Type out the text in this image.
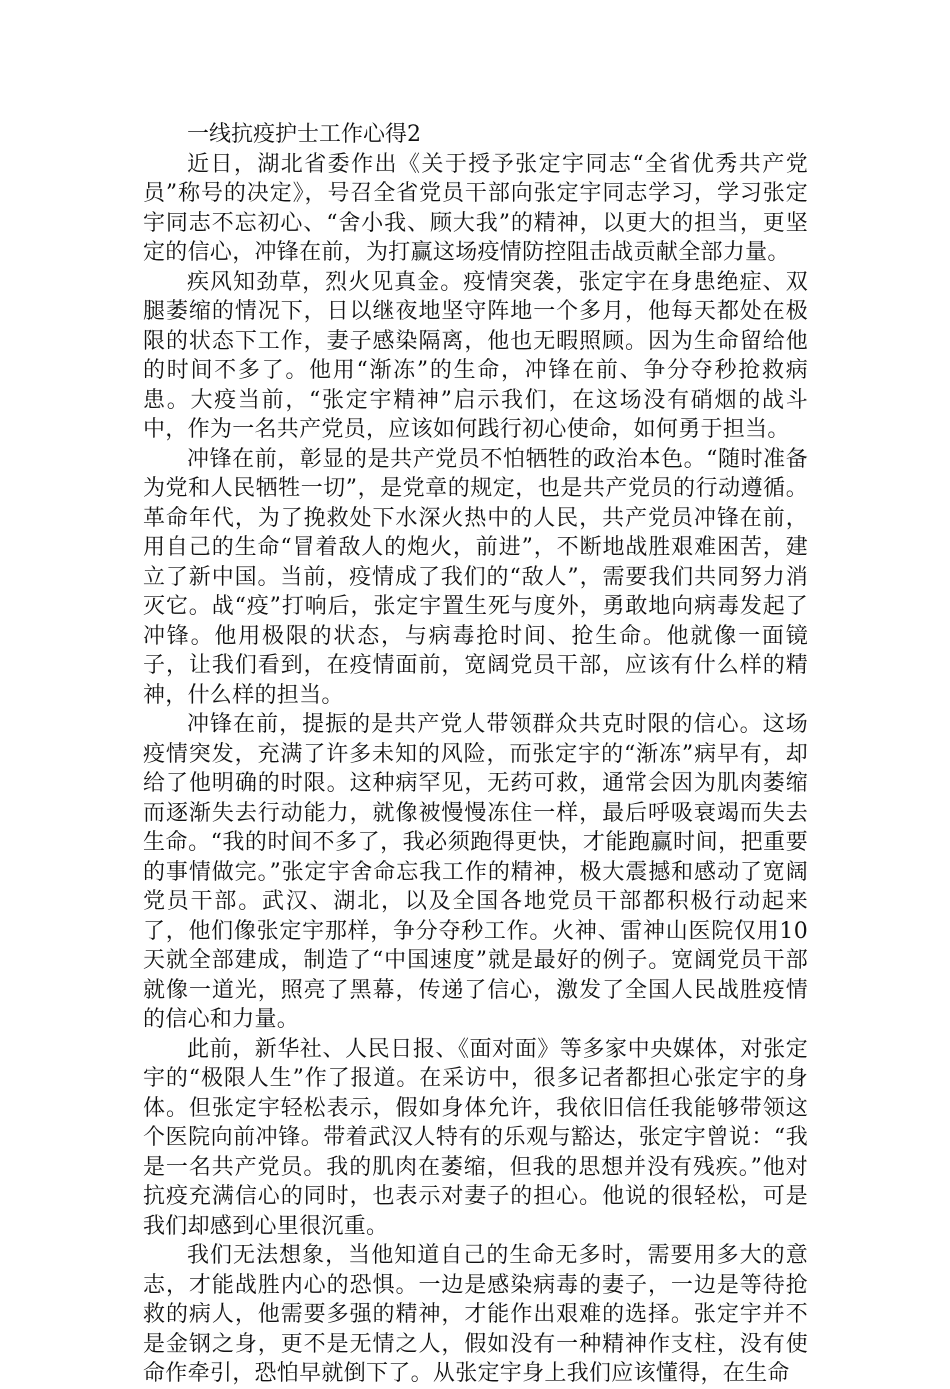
一线抗疫护士工作心得2

近日，湖北省委作出《关于授予张定宇同志“全省优秀共产党员”称号的决定》，号召全省党员干部向张定宇同志学习，学习张定宇同志不忘初心、“舍小我、顾大我”的精神，以更大的担当，更坚定的信心，冲锋在前，为打赢这场疫情防控阻击战贡献全部力量。

疾风知劲草，烈火见真金。疫情突袭，张定宇在身患绝症、双腿萎缩的情况下，日以继夜地坚守阵地一个多月，他每天都处在极限的状态下工作，妻子感染隔离，他也无暇照顾。因为生命留给他的时间不多了。他用“渐冻”的生命，冲锋在前、争分夺秒抢救病患。大疫当前，“张定宇精神”启示我们，在这场没有硝烟的战斗中，作为一名共产党员，应该如何践行初心使命，如何勇于担当。

冲锋在前，彰显的是共产党员不怕牺牲的政治本色。“随时准备为党和人民牺牲一切”，是党章的规定，也是共产党员的行动遵循。革命年代，为了挽救处下水深火热中的人民，共产党员冲锋在前，用自己的生命“冒着敌人的炮火，前进”，不断地战胜艰难困苦，建立了新中国。当前，疫情成了我们的“敌人”，需要我们共同努力消灭它。战“疫”打响后，张定宇置生死与度外，勇敢地向病毒发起了冲锋。他用极限的状态，与病毒抢时间、抢生命。他就像一面镜子，让我们看到，在疫情面前，宽阔党员干部，应该有什么样的精神，什么样的担当。

冲锋在前，提振的是共产党人带领群众共克时限的信心。这场疫情突发，充满了许多未知的风险，而张定宇的“渐冻”病早有，却给了他明确的时限。这种病罕见，无药可救，通常会因为肌肉萎缩而逐渐失去行动能力，就像被慢慢冻住一样，最后呼吸衰竭而失去生命。“我的时间不多了，我必须跑得更快，才能跑赢时间，把重要的事情做完。”张定宇舍命忘我工作的精神，极大震撼和感动了宽阔党员干部。武汉、湖北，以及全国各地党员干部都积极行动起来了，他们像张定宇那样，争分夺秒工作。火神、雷神山医院仅用10天就全部建成，制造了“中国速度”就是最好的例子。宽阔党员干部就像一道光，照亮了黑幕，传递了信心，激发了全国人民战胜疫情的信心和力量。

此前，新华社、人民日报、《面对面》等多家中央媒体，对张定宇的“极限人生”作了报道。在采访中，很多记者都担心张定宇的身体。但张定宇轻松表示，假如身体允许，我依旧信任我能够带领这个医院向前冲锋。带着武汉人特有的乐观与豁达，张定宇曾说：“我是一名共产党员。我的肌肉在萎缩，但我的思想并没有残疾。”他对抗疫充满信心的同时，也表示对妻子的担心。他说的很轻松，可是我们却感到心里很沉重。

我们无法想象，当他知道自己的生命无多时，需要用多大的意志，才能战胜内心的恐惧。一边是感染病毒的妻子，一边是等待抢救的病人，他需要多强的精神，才能作出艰难的选择。张定宇并不是金钢之身，更不是无情之人，假如没有一种精神作支柱，没有使命作牵引，恐怕早就倒下了。从张定宇身上我们应该懂得，在生命
